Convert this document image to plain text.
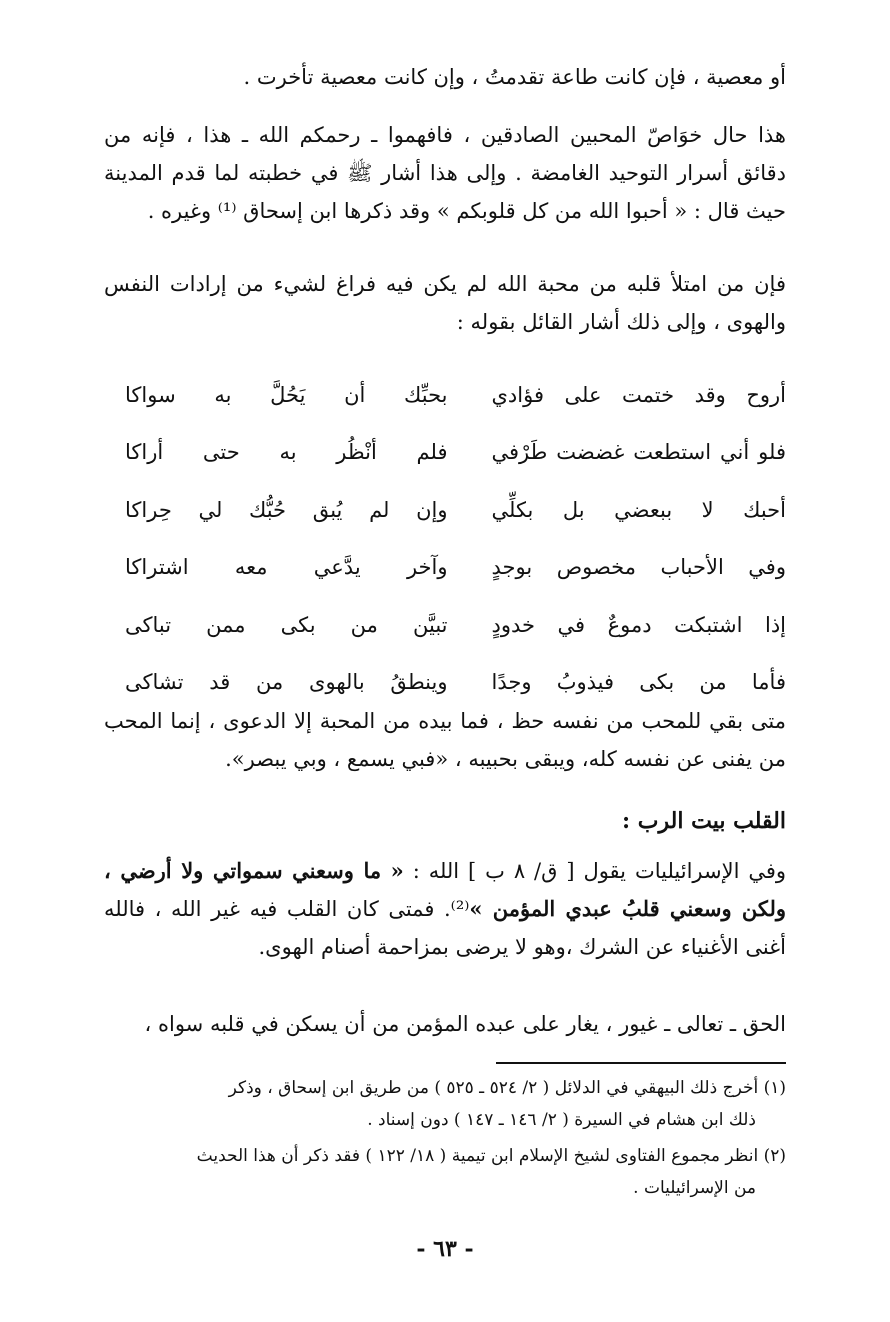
أو معصية ، فإن كانت طاعة تقدمتُ ، وإن كانت معصية تأخرت .

هذا حال خوَاصّ المحبين الصادقين ، فافهموا ـ رحمكم الله ـ هذا ، فإنه من دقائق أسرار التوحيد الغامضة . وإلى هذا أشار ﷺ في خطبته لما قدم المدينة حيث قال : « أحبوا الله من كل قلوبكم » وقد ذكرها ابن إسحاق ⁽¹⁾ وغيره .

فإن من امتلأ قلبه من محبة الله لم يكن فيه فراغ لشيء من إرادات النفس والهوى ، وإلى ذلك أشار القائل بقوله :

أروح وقد ختمت على فؤادي
بحبِّك أن يَحُلَّ به سواكا
فلو أني استطعت غضضت طَرْفي
فلم أنْظُر به حتى أراكا
أحبك لا ببعضي بل بكلِّي
وإن لم يُبق حُبُّك لي حِراكا
وفي الأحباب مخصوص بوجدٍ
وآخر يدَّعي معه اشتراكا
إذا اشتبكت دموعٌ في خدودٍ
تبيَّن من بكى ممن تباكى
فأما من بكى فيذوبُ وجدًا
وينطقُ بالهوى من قد تشاكى

متى بقي للمحب من نفسه حظ ، فما بيده من المحبة إلا الدعوى ، إنما المحب من يفنى عن نفسه كله، ويبقى بحبيبه ، «فبي يسمع ، وبي يبصر».

القلب بيت الرب :

وفي الإسرائيليات يقول [ ق/ ٨ ب ] الله : « ما وسعني سمواتي ولا أرضي ، ولكن وسعني قلبُ عبدي المؤمن »⁽²⁾. فمتى كان القلب فيه غير الله ، فالله أغنى الأغنياء عن الشرك ،وهو لا يرضى بمزاحمة أصنام الهوى.

الحق ـ تعالى ـ غيور ، يغار على عبده المؤمن من أن يسكن في قلبه سواه ،

(١) أخرج ذلك البيهقي في الدلائل ( ٢/ ٥٢٤ ـ ٥٢٥ ) من طريق ابن إسحاق ، وذكر
ذلك ابن هشام في السيرة ( ٢/ ١٤٦ ـ ١٤٧ ) دون إسناد .
(٢) انظر مجموع الفتاوى لشيخ الإسلام ابن تيمية ( ١٨/ ١٢٢ ) فقد ذكر أن هذا الحديث
من الإسرائيليات .
- ٦٣ -
